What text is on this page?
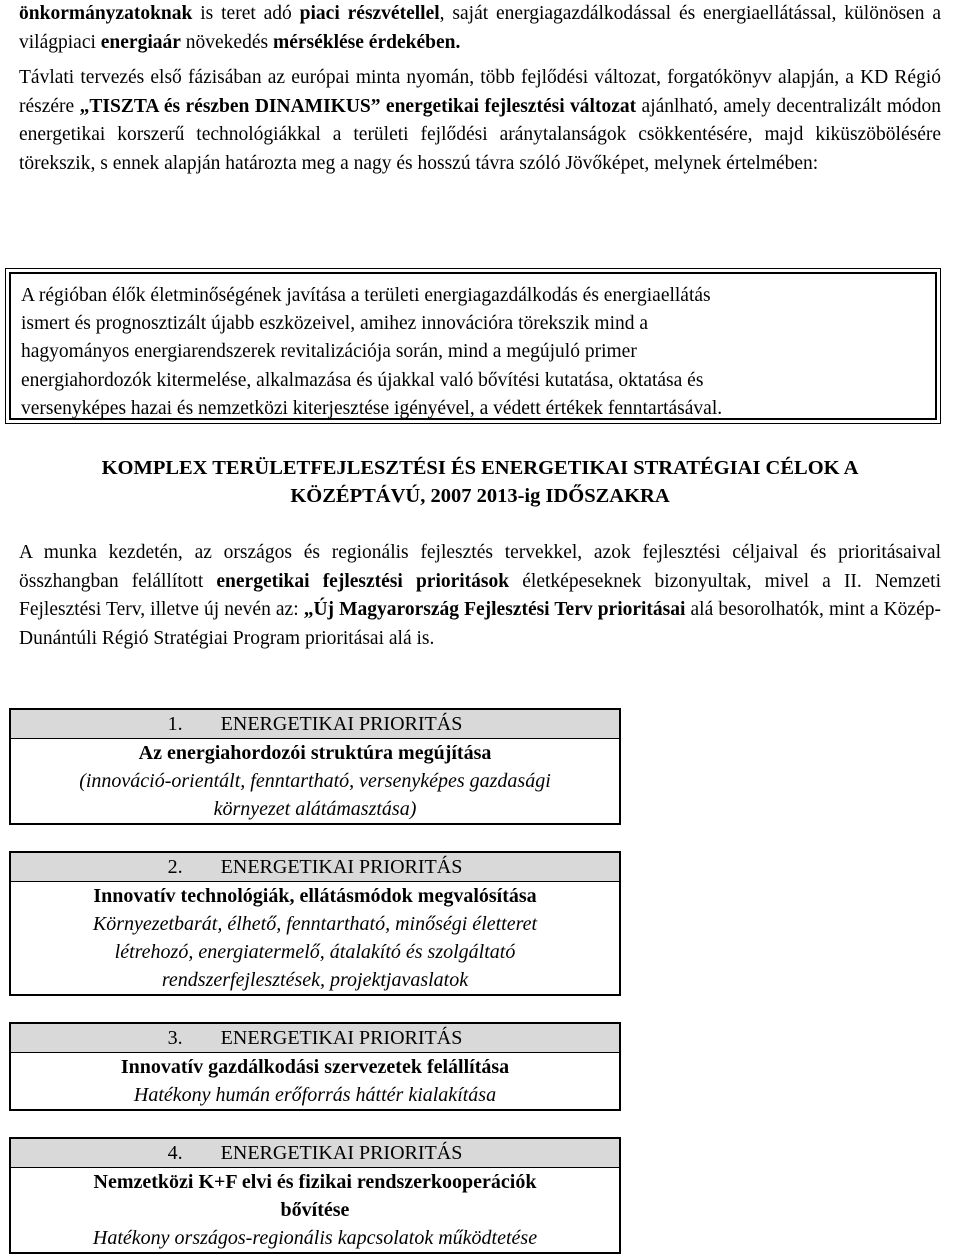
önkormányzatoknak is teret adó piaci részvétellel, saját energiagazdálkodással és energiaellátással, különösen a világpiaci energiaár növekedés mérséklése érdekében.
Távlati tervezés első fázisában az európai minta nyomán, több fejlődési változat, forgatókönyv alapján, a KD Régió részére „TISZTA és részben DINAMIKUS” energetikai fejlesztési változat ajánlható, amely decentralizált módon energetikai korszerű technológiákkal a területi fejlődési aránytalanságok csökkentésére, majd kiküszöbölésére törekszik, s ennek alapján határozta meg a nagy és hosszú távra szóló Jövőképet, melynek értelmében:

A régióban élők életminőségének javítása a területi energiagazdálkodás és energiaellátás

ismert és prognosztizált újabb eszközeivel, amihez innovációra törekszik mind a

hagyományos energiarendszerek revitalizációja során, mind a megújuló primer

energiahordozók kitermelése, alkalmazása és újakkal való bővítési kutatása, oktatása és

versenyképes hazai és nemzetközi kiterjesztése igényével, a védett értékek fenntartásával.

KOMPLEX TERÜLETFEJLESZTÉSI ÉS ENERGETIKAI STRATÉGIAI CÉLOK A
KÖZÉPTÁVÚ, 2007 2013-ig IDŐSZAKRA
A munka kezdetén, az országos és regionális fejlesztés tervekkel, azok fejlesztési céljaival és prioritásaival összhangban felállított energetikai fejlesztési prioritások életképeseknek bizonyultak, mivel a II. Nemzeti Fejlesztési Terv, illetve új nevén az: „Új Magyarország Fejlesztési Terv prioritásai alá besorolhatók, mint a Közép-Dunántúli Régió Stratégiai Program prioritásai alá is.
1. ENERGETIKAI PRIORITÁS
Az energiahordozói struktúra megújítása
(innováció-orientált, fenntartható, versenyképes gazdasági
környezet alátámasztása)
2. ENERGETIKAI PRIORITÁS
Innovatív technológiák, ellátásmódok megvalósítása
Környezetbarát, élhető, fenntartható, minőségi életteret
létrehozó, energiatermelő, átalakító és szolgáltató
rendszerfejlesztések, projektjavaslatok
3. ENERGETIKAI PRIORITÁS
Innovatív gazdálkodási szervezetek felállítása
Hatékony humán erőforrás háttér kialakítása
4. ENERGETIKAI PRIORITÁS
Nemzetközi K+F elvi és fizikai rendszerkooperációk
bővítése
Hatékony országos-regionális kapcsolatok működtetése
